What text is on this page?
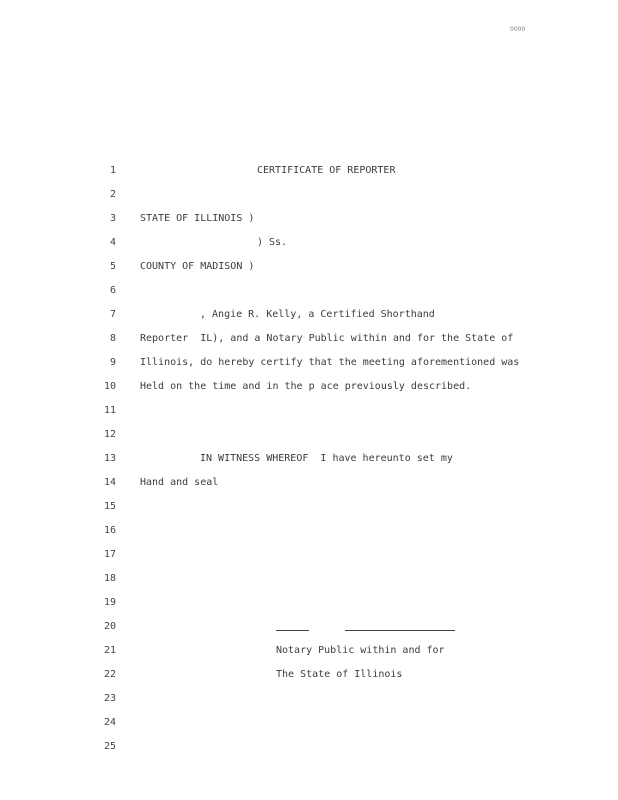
0000
1	CERTIFICATE OF REPORTER
2
3 STATE OF ILLINOIS )
4	) Ss.
5 COUNTY OF MADISON )
6
7	, Angie R. Kelly, a Certified Shorthand
8 Reporter  IL), and a Notary Public within and for the State of
9 Illinois, do hereby certify that the meeting aforementioned was
10 Held on the time and in the p ace previously described.
11
12
13	IN WITNESS WHEREOF  I have hereunto set my
14 Hand and seal
15
16
17
18
19
20
21	Notary Public within and for
22	The State of Illinois
23
24
25
